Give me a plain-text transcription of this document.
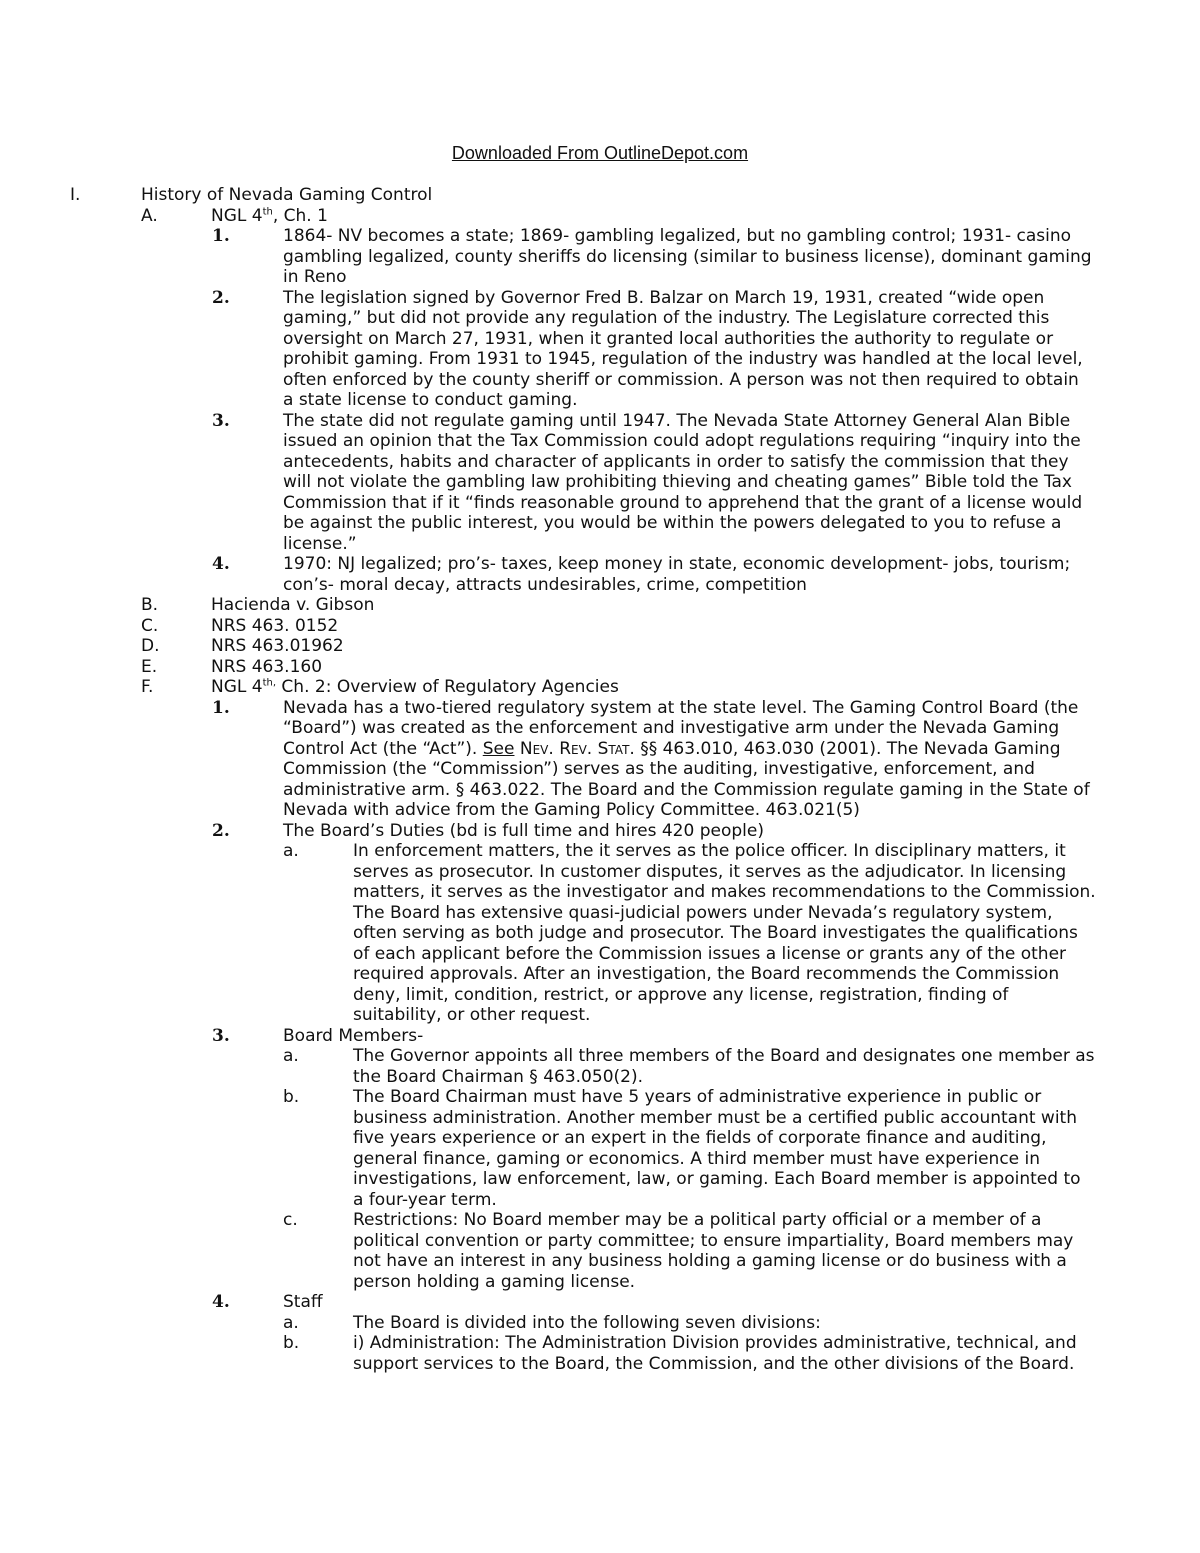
Downloaded From OutlineDepot.com
I.	History of Nevada Gaming Control
A.	NGL 4th, Ch. 1
1.	1864- NV becomes a state; 1869- gambling legalized, but no gambling control; 1931- casino
gambling legalized, county sheriffs do licensing (similar to business license), dominant gaming
in Reno
2.	The legislation signed by Governor Fred B. Balzar on March 19, 1931, created “wide open
gaming,” but did not provide any regulation of the industry. The Legislature corrected this
oversight on March 27, 1931, when it granted local authorities the authority to regulate or
prohibit gaming. From 1931 to 1945, regulation of the industry was handled at the local level,
often enforced by the county sheriff or commission. A person was not then required to obtain
a state license to conduct gaming.
3.	The state did not regulate gaming until 1947. The Nevada State Attorney General Alan Bible
issued an opinion that the Tax Commission could adopt regulations requiring “inquiry into the
antecedents, habits and character of applicants in order to satisfy the commission that they
will not violate the gambling law prohibiting thieving and cheating games” Bible told the Tax
Commission that if it “finds reasonable ground to apprehend that the grant of a license would
be against the public interest, you would be within the powers delegated to you to refuse a
license.”
4.	1970: NJ legalized; pro’s- taxes, keep money in state, economic development- jobs, tourism;
con’s- moral decay, attracts undesirables, crime, competition
B.	Hacienda v. Gibson
C.	NRS 463. 0152
D.	NRS 463.01962
E.	NRS 463.160
F.	NGL $4^{th,}$ Ch. 2: Overview of Regulatory Agencies
1.	Nevada has a two-tiered regulatory system at the state level. The Gaming Control Board (the
“Board”) was created as the enforcement and investigative arm under the Nevada Gaming
Control Act (the “Act”). See Nev. Rev. Stat. §§ 463.010, 463.030 (2001). The Nevada Gaming
Commission (the “Commission”) serves as the auditing, investigative, enforcement, and
administrative arm. § 463.022. The Board and the Commission regulate gaming in the State of
Nevada with advice from the Gaming Policy Committee. 463.021(5)
2.	The Board’s Duties (bd is full time and hires 420 people)
a.	In enforcement matters, the it serves as the police officer. In disciplinary matters, it
serves as prosecutor. In customer disputes, it serves as the adjudicator. In licensing
matters, it serves as the investigator and makes recommendations to the Commission.
The Board has extensive quasi-judicial powers under Nevada’s regulatory system,
often serving as both judge and prosecutor. The Board investigates the qualifications
of each applicant before the Commission issues a license or grants any of the other
required approvals. After an investigation, the Board recommends the Commission
deny, limit, condition, restrict, or approve any license, registration, finding of
suitability, or other request.
3.	Board Members-
a.	The Governor appoints all three members of the Board and designates one member as
the Board Chairman § 463.050(2).
b.	The Board Chairman must have 5 years of administrative experience in public or
business administration. Another member must be a certified public accountant with
five years experience or an expert in the fields of corporate finance and auditing,
general finance, gaming or economics. A third member must have experience in
investigations, law enforcement, law, or gaming. Each Board member is appointed to
a four-year term.
c.	Restrictions: No Board member may be a political party official or a member of a
political convention or party committee; to ensure impartiality, Board members may
not have an interest in any business holding a gaming license or do business with a
person holding a gaming license.
4.	Staff
a.	The Board is divided into the following seven divisions:
b.	i) Administration: The Administration Division provides administrative, technical, and
support services to the Board, the Commission, and the other divisions of the Board.
